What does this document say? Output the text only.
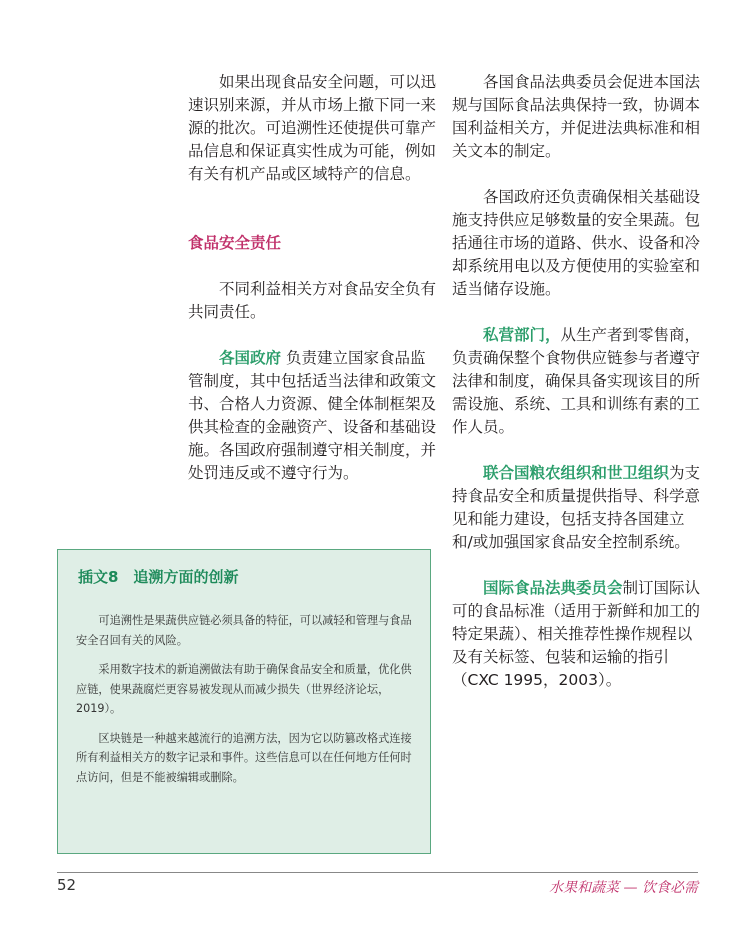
如果出现食品安全问题，可以迅速识别来源，并从市场上撤下同一来源的批次。可追溯性还使提供可靠产品信息和保证真实性成为可能，例如有关有机产品或区域特产的信息。

食品安全责任

不同利益相关方对食品安全负有共同责任。

各国政府 负责建立国家食品监管制度，其中包括适当法律和政策文书、合格人力资源、健全体制框架及供其检查的金融资产、设备和基础设施。各国政府强制遵守相关制度，并处罚违反或不遵守行为。

各国食品法典委员会促进本国法规与国际食品法典保持一致，协调本国利益相关方，并促进法典标准和相关文本的制定。

各国政府还负责确保相关基础设施支持供应足够数量的安全果蔬。包括通往市场的道路、供水、设备和冷却系统用电以及方便使用的实验室和适当储存设施。

私营部门，从生产者到零售商，负责确保整个食物供应链参与者遵守法律和制度，确保具备实现该目的所需设施、系统、工具和训练有素的工作人员。

联合国粮农组织和世卫组织为支持食品安全和质量提供指导、科学意见和能力建设，包括支持各国建立和/或加强国家食品安全控制系统。

国际食品法典委员会制订国际认可的食品标准（适用于新鲜和加工的特定果蔬）、相关推荐性操作规程以及有关标签、包装和运输的指引（CXC 1995，2003）。

插文8　追溯方面的创新

可追溯性是果蔬供应链必须具备的特征，可以减轻和管理与食品安全召回有关的风险。

采用数字技术的新追溯做法有助于确保食品安全和质量，优化供应链，使果蔬腐烂更容易被发现从而减少损失（世界经济论坛，2019）。

区块链是一种越来越流行的追溯方法，因为它以防篡改格式连接所有利益相关方的数字记录和事件。这些信息可以在任何地方任何时点访问，但是不能被编辑或删除。

52	水果和蔬菜 — 饮食必需
